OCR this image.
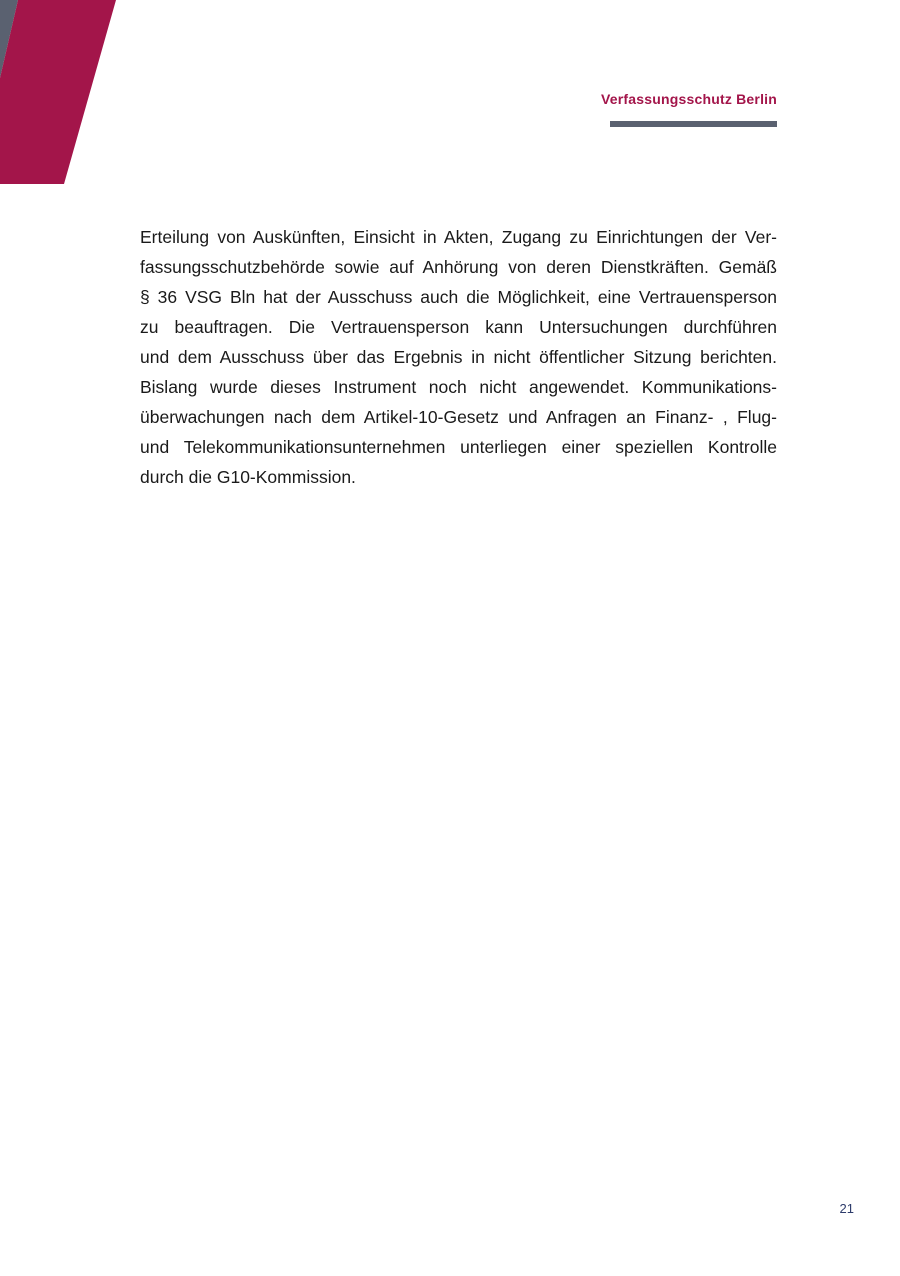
Verfassungsschutz Berlin

Erteilung von Auskünften, Einsicht in Akten, Zugang zu Einrichtungen der Ver-
fassungsschutzbehörde sowie auf Anhörung von deren Dienstkräften. Gemäß
§ 36 VSG Bln hat der Ausschuss auch die Möglichkeit, eine Vertrauensperson
zu beauftragen. Die Vertrauensperson kann Untersuchungen durchführen
und dem Ausschuss über das Ergebnis in nicht öffentlicher Sitzung berichten.
Bislang wurde dieses Instrument noch nicht angewendet. Kommunikations-
überwachungen nach dem Artikel-10-Gesetz und Anfragen an Finanz- , Flug-
und Telekommunikationsunternehmen unterliegen einer speziellen Kontrolle
durch die G10-Kommission.

21
